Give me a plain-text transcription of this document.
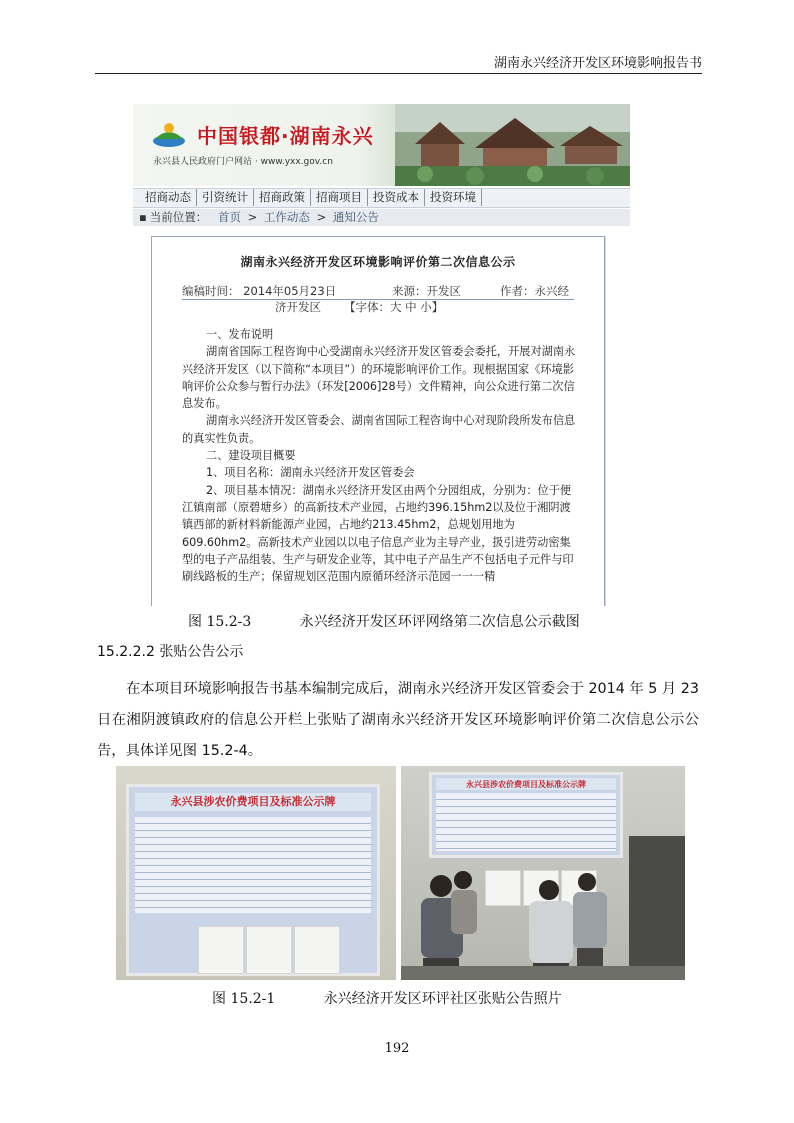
湖南永兴经济开发区环境影响报告书
中国银都·湖南永兴
永兴县人民政府门户网站 · www.yxx.gov.cn
招商动态 引资统计 招商政策 招商项目 投资成本 投资环境
▪ 当前位置： 首页 > 工作动态 > 通知公告
湖南永兴经济开发区环境影响评价第二次信息公示
编稿时间： 2014年05月23日	来源：开发区	作者：永兴经
济开发区 【字体：大 中 小】

一、发布说明

湖南省国际工程咨询中心受湖南永兴经济开发区管委会委托，开展对湖南永兴经济开发区（以下简称“本项目”）的环境影响评价工作。现根据国家《环境影响评价公众参与暂行办法》（环发[2006]28号）文件精神，向公众进行第二次信息发布。

湖南永兴经济开发区管委会、湖南省国际工程咨询中心对现阶段所发布信息的真实性负责。

二、建设项目概要

1、项目名称：湖南永兴经济开发区管委会

2、项目基本情况：湖南永兴经济开发区由两个分园组成，分别为：位于便江镇南部（原碧塘乡）的高新技术产业园，占地约396.15hm2以及位于湘阴渡镇西部的新材料新能源产业园，占地约213.45hm2，总规划用地为609.60hm2。高新技术产业园以以电子信息产业为主导产业，扱引进劳动密集型的电子产品组装、生产与研发企业等，其中电子产品生产不包括电子元件与印刷线路板的生产；保留规划区范围内原循环经济示范园一一一精

图 15.2-3	永兴经济开发区环评网络第二次信息公示截图
15.2.2.2 张贴公告公示

在本项目环境影响报告书基本编制完成后，湖南永兴经济开发区管委会于 2014 年 5 月 23 日在湘阴渡镇政府的信息公开栏上张贴了湖南永兴经济开发区环境影响评价第二次信息公示公告，具体详见图 15.2-4。

永兴县涉农价费项目及标准公示牌
永兴县涉农价费项目及标准公示牌
图 15.2-1	永兴经济开发区环评社区张贴公告照片
192
